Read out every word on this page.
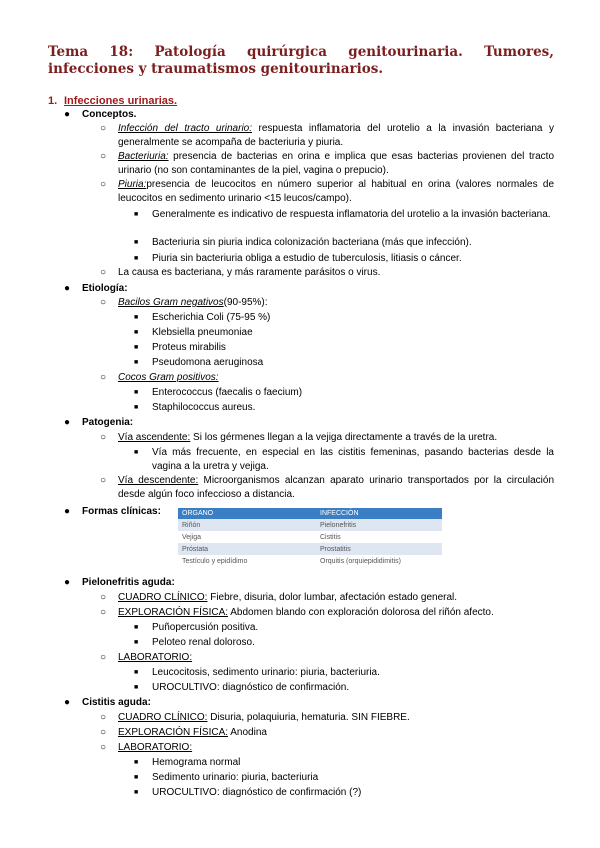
Tema 18: Patología quirúrgica genitourinaria. Tumores, infecciones y traumatismos genitourinarios.
1. Infecciones urinarias.
● Conceptos.
○ Infección del tracto urinario: respuesta inflamatoria del urotelio a la invasión bacteriana y generalmente se acompaña de bacteriuria y piuria.
○ Bacteriuria: presencia de bacterias en orina e implica que esas bacterias provienen del tracto urinario (no son contaminantes de la piel, vagina o prepucio).
○ Piuria:presencia de leucocitos en número superior al habitual en orina (valores normales de leucocitos en sedimento urinario <15 leucos/campo).
■ Generalmente es indicativo de respuesta inflamatoria del urotelio a la invasión bacteriana.
■ Bacteriuria sin piuria indica colonización bacteriana (más que infección).
■ Piuria sin bacteriuria obliga a estudio de tuberculosis, litiasis o cáncer.
○ La causa es bacteriana, y más raramente parásitos o virus.
● Etiología:
○ Bacilos Gram negativos(90-95%):
■ Escherichia Coli (75-95 %)
■ Klebsiella pneumoniae
■ Proteus mirabilis
■ Pseudomona aeruginosa
○ Cocos Gram positivos:
■ Enterococcus (faecalis o faecium)
■ Staphilococcus aureus.
● Patogenia:
○ Vía ascendente: Si los gérmenes llegan a la vejiga directamente a través de la uretra.
■ Vía más frecuente, en especial en las cistitis femeninas, pasando bacterias desde la vagina a la uretra y vejiga.
○ Vía descendente: Microorganismos alcanzan aparato urinario transportados por la circulación desde algún foco infeccioso a distancia.
● Formas clínicas:	ORGANO	INFECCIÓN
Riñón	Pielonefritis
Vejiga	Cistitis
Próstata	Prostatitis
Testículo y epidídimo	Orquitis (orquiepididimitis)
● Pielonefritis aguda:
○ CUADRO CLÍNICO: Fiebre, disuria, dolor lumbar, afectación estado general.
○ EXPLORACIÓN FÍSICA: Abdomen blando con exploración dolorosa del riñón afecto.
■ Puñopercusión positiva.
■ Peloteo renal doloroso.
○ LABORATORIO:
■ Leucocitosis, sedimento urinario: piuria, bacteriuria.
■ UROCULTIVO: diagnóstico de confirmación.
● Cistitis aguda:
○ CUADRO CLÍNICO: Disuria, polaquiuria, hematuria. SIN FIEBRE.
○ EXPLORACIÓN FÍSICA: Anodina
○ LABORATORIO:
■ Hemograma normal
■ Sedimento urinario: piuria, bacteriuria
■ UROCULTIVO: diagnóstico de confirmación (?)
